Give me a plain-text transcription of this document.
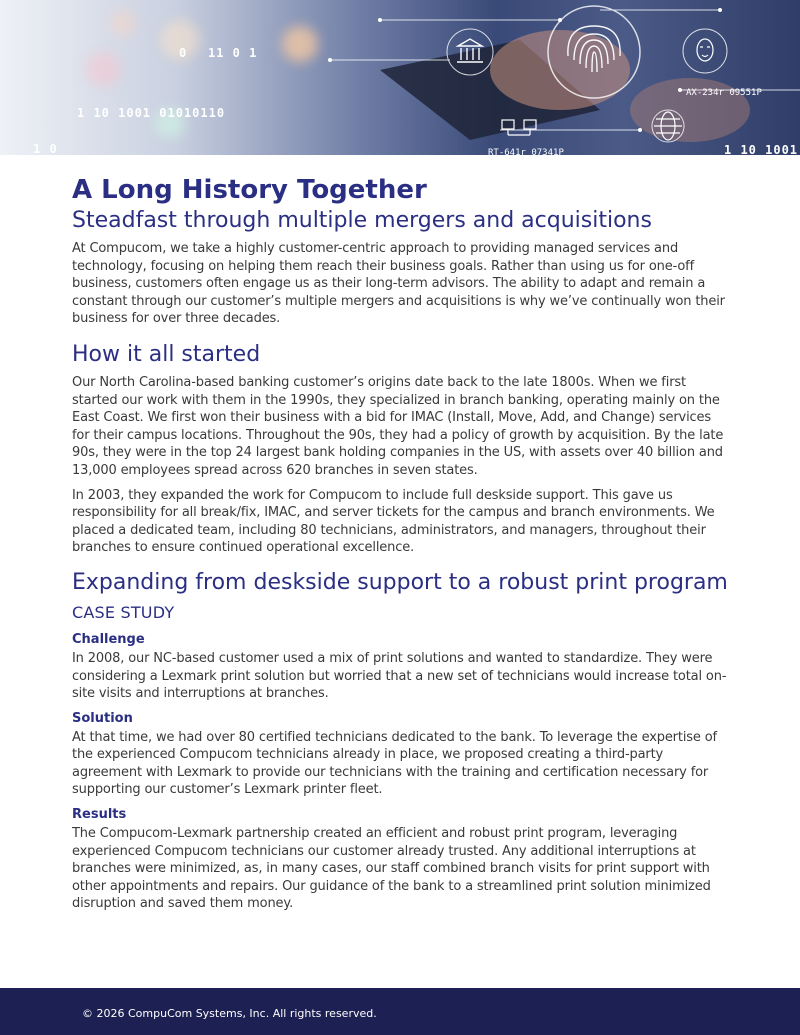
0 11 0 1
1 10 1001 01010110
1 0	1 10 1001
AX-234r 09551P
RT-641r 07341P
A Long History Together
Steadfast through multiple mergers and acquisitions

At Compucom, we take a highly customer-centric approach to providing managed services and technology, focusing on helping them reach their business goals. Rather than using us for one-off business, customers often engage us as their long-term advisors. The ability to adapt and remain a constant through our customer’s multiple mergers and acquisitions is why we’ve continually won their business for over three decades.

How it all started

Our North Carolina-based banking customer’s origins date back to the late 1800s. When we first started our work with them in the 1990s, they specialized in branch banking, operating mainly on the East Coast. We first won their business with a bid for IMAC (Install, Move, Add, and Change) services for their campus locations. Throughout the 90s, they had a policy of growth by acquisition. By the late 90s, they were in the top 24 largest bank holding companies in the US, with assets over 40 billion and 13,000 employees spread across 620 branches in seven states.

In 2003, they expanded the work for Compucom to include full deskside support. This gave us responsibility for all break/fix, IMAC, and server tickets for the campus and branch environments. We placed a dedicated team, including 80 technicians, administrators, and managers, throughout their branches to ensure continued operational excellence.

Expanding from deskside support to a robust print program
CASE STUDY
Challenge

In 2008, our NC-based customer used a mix of print solutions and wanted to standardize. They were considering a Lexmark print solution but worried that a new set of technicians would increase total on-site visits and interruptions at branches.

Solution

At that time, we had over 80 certified technicians dedicated to the bank. To leverage the expertise of the experienced Compucom technicians already in place, we proposed creating a third-party agreement with Lexmark to provide our technicians with the training and certification necessary for supporting our customer’s Lexmark printer fleet.

Results

The Compucom-Lexmark partnership created an efficient and robust print program, leveraging experienced Compucom technicians our customer already trusted. Any additional interruptions at branches were minimized, as, in many cases, our staff combined branch visits for print support with other appointments and repairs. Our guidance of the bank to a streamlined print solution minimized disruption and saved them money.

© 2026 CompuCom Systems, Inc. All rights reserved.
